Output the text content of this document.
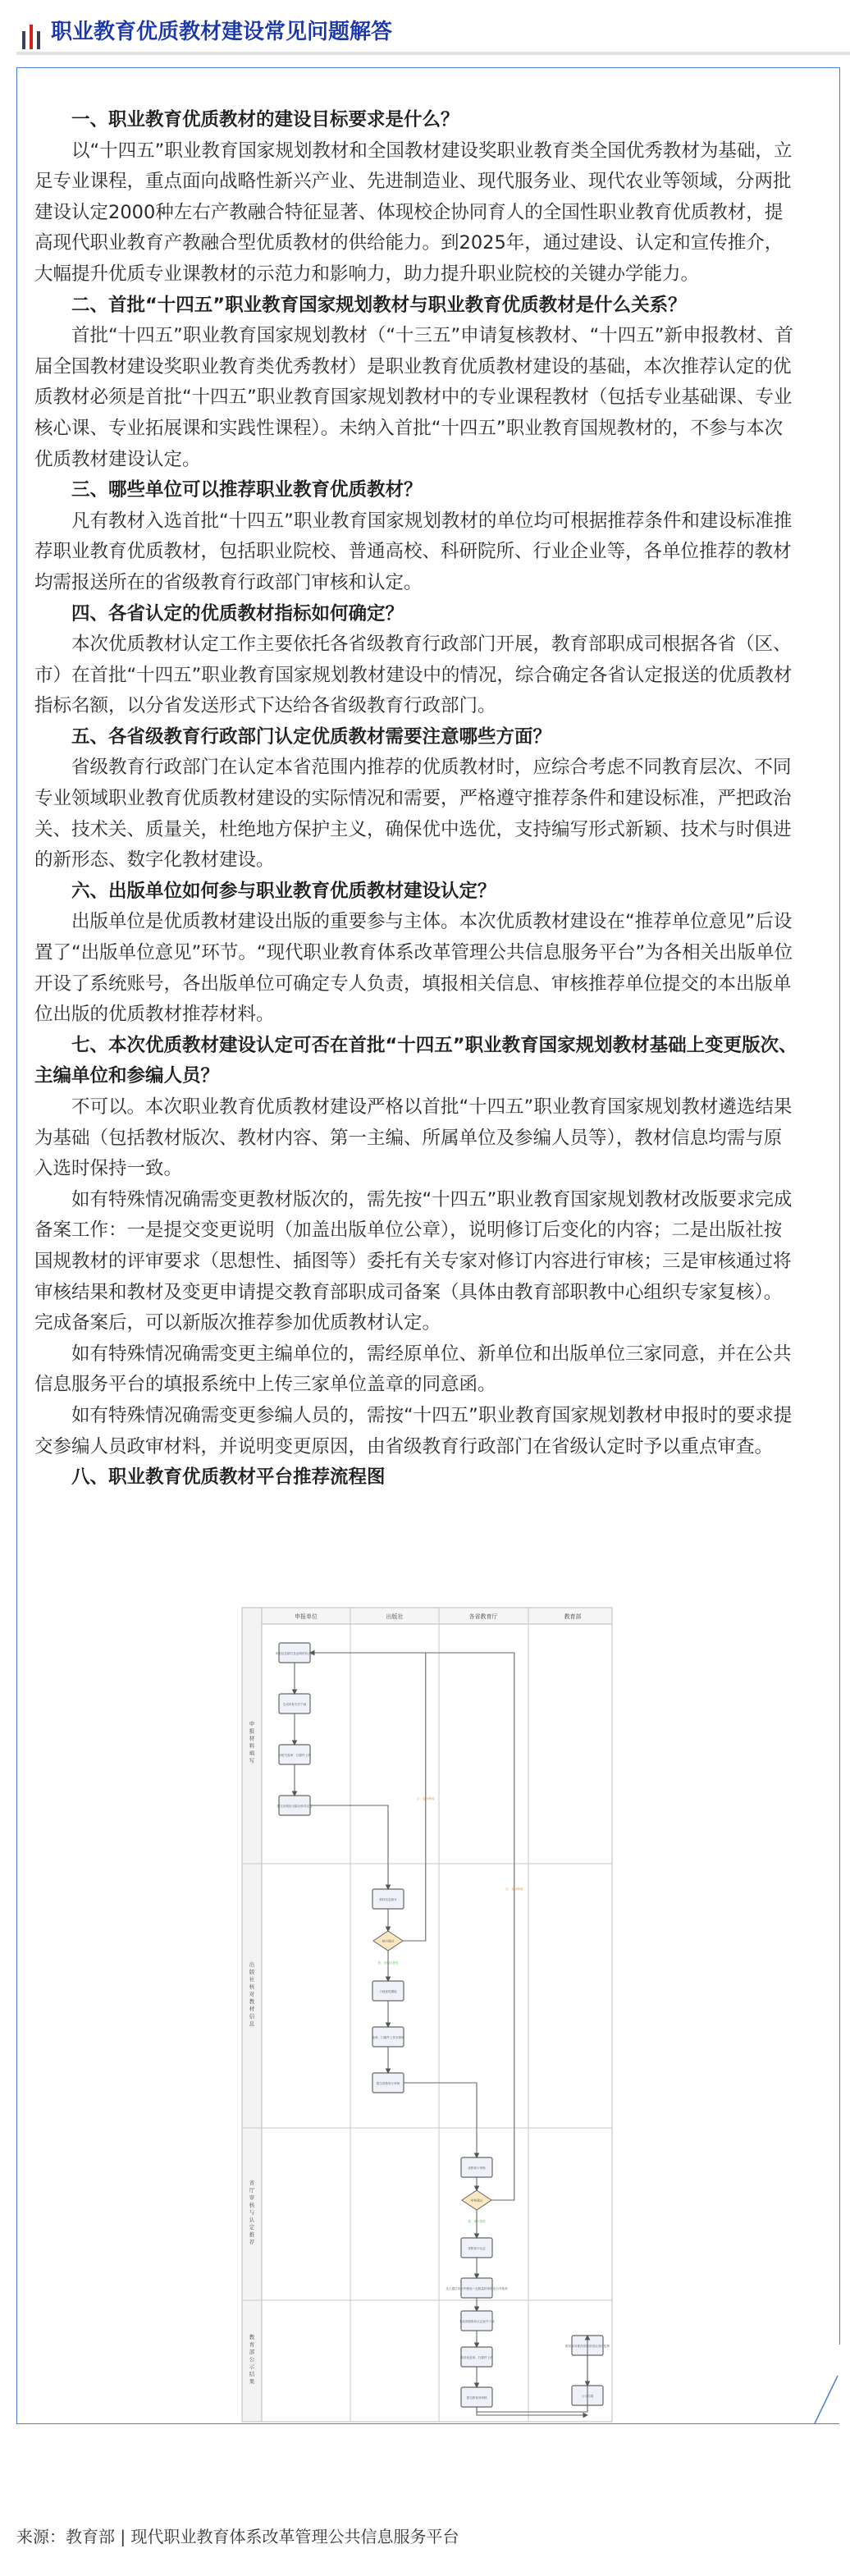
职业教育优质教材建设常见问题解答
一、职业教育优质教材的建设目标要求是什么？

以“十四五”职业教育国家规划教材和全国教材建设奖职业教育类全国优秀教材为基础，立足专业课程，重点面向战略性新兴产业、先进制造业、现代服务业、现代农业等领域，分两批建设认定2000种左右产教融合特征显著、体现校企协同育人的全国性职业教育优质教材，提高现代职业教育产教融合型优质教材的供给能力。到2025年，通过建设、认定和宣传推介，大幅提升优质专业课教材的示范力和影响力，助力提升职业院校的关键办学能力。

二、首批“十四五”职业教育国家规划教材与职业教育优质教材是什么关系？

首批“十四五”职业教育国家规划教材（“十三五”申请复核教材、“十四五”新申报教材、首届全国教材建设奖职业教育类优秀教材）是职业教育优质教材建设的基础，本次推荐认定的优质教材必须是首批“十四五”职业教育国家规划教材中的专业课程教材（包括专业基础课、专业核心课、专业拓展课和实践性课程）。未纳入首批“十四五”职业教育国规教材的，不参与本次优质教材建设认定。

三、哪些单位可以推荐职业教育优质教材？

凡有教材入选首批“十四五”职业教育国家规划教材的单位均可根据推荐条件和建设标准推荐职业教育优质教材，包括职业院校、普通高校、科研院所、行业企业等，各单位推荐的教材均需报送所在的省级教育行政部门审核和认定。

四、各省认定的优质教材指标如何确定？

本次优质教材认定工作主要依托各省级教育行政部门开展，教育部职成司根据各省（区、市）在首批“十四五”职业教育国家规划教材建设中的情况，综合确定各省认定报送的优质教材指标名额，以分省发送形式下达给各省级教育行政部门。

五、各省级教育行政部门认定优质教材需要注意哪些方面？

省级教育行政部门在认定本省范围内推荐的优质教材时，应综合考虑不同教育层次、不同专业领域职业教育优质教材建设的实际情况和需要，严格遵守推荐条件和建设标准，严把政治关、技术关、质量关，杜绝地方保护主义，确保优中选优，支持编写形式新颖、技术与时俱进的新形态、数字化教材建设。

六、出版单位如何参与职业教育优质教材建设认定？

出版单位是优质教材建设出版的重要参与主体。本次优质教材建设在“推荐单位意见”后设置了“出版单位意见”环节。“现代职业教育体系改革管理公共信息服务平台”为各相关出版单位开设了系统账号，各出版单位可确定专人负责，填报相关信息、审核推荐单位提交的本出版单位出版的优质教材推荐材料。

七、本次优质教材建设认定可否在首批“十四五”职业教育国家规划教材基础上变更版次、主编单位和参编人员？

不可以。本次职业教育优质教材建设严格以首批“十四五”职业教育国家规划教材遴选结果为基础（包括教材版次、教材内容、第一主编、所属单位及参编人员等），教材信息均需与原入选时保持一致。

如有特殊情况确需变更教材版次的，需先按“十四五”职业教育国家规划教材改版要求完成备案工作：一是提交变更说明（加盖出版单位公章），说明修订后变化的内容；二是出版社按国规教材的评审要求（思想性、插图等）委托有关专家对修订内容进行审核；三是审核通过将审核结果和教材及变更申请提交教育部职成司备案（具体由教育部职教中心组织专家复核）。完成备案后，可以新版次推荐参加优质教材认定。

如有特殊情况确需变更主编单位的，需经原单位、新单位和出版单位三家同意，并在公共信息服务平台的填报系统中上传三家单位盖章的同意函。

如有特殊情况确需变更参编人员的，需按“十四五”职业教育国家规划教材申报时的要求提交参编人员政审材料，并说明变更原因，由省级教育行政部门在省级认定时予以重点审查。

八、职业教育优质教材平台推荐流程图
申报单位	出版社	各省教育厅	教育部
申报材料填写
出版社核对教材信息
省厅审核与认定推荐
教育部公示结果
申报信息填写及证明材料上传
生成申报书并下载
申报书盖章、扫描件上传
提交至相应出版社核对信息
教材信息核对
核对通过
下载意见模板
盖章、扫描件上传至系统
提交省教育厅审核
是，出版社意见
否，退回修改
省教育厅审核
审核通过
省教育厅认定
从已通过项目中筛选一定数量的申报项目并推荐
生成省级推荐认定表并下载
推荐表盖章、扫描件上传
提交教育部审核
是，省厅推荐
否，退回修改
教育部对推荐省推荐项目进行复核
公示结果
来源：教育部 | 现代职业教育体系改革管理公共信息服务平台
